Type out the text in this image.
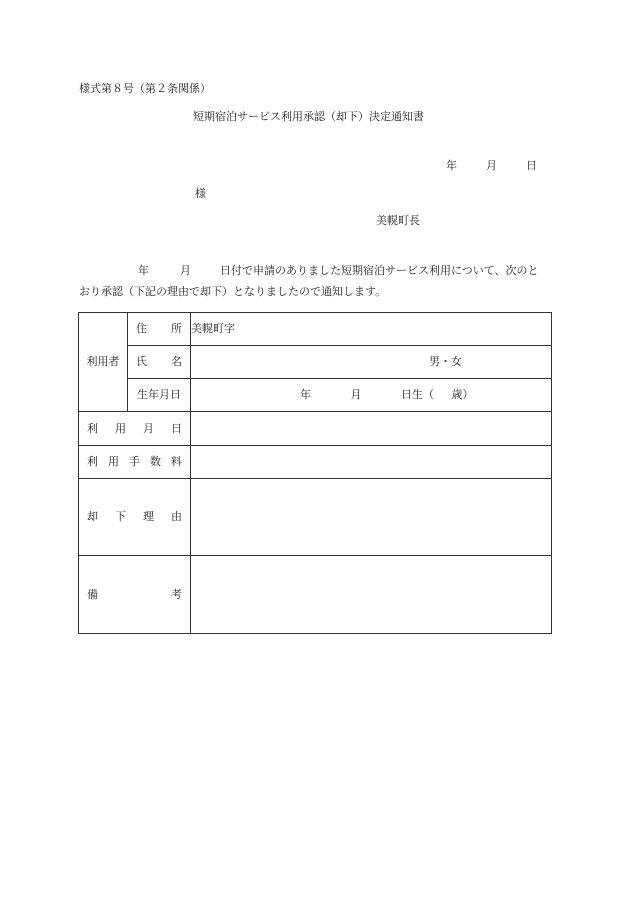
様式第８号（第２条関係）
短期宿泊サービス利用承認（却下）決定通知書
年	月	日
様
美幌町長
年	月	日付で申請のありました短期宿泊サービス利用について、次のと
おり承認（下記の理由で却下）となりましたので通知します。
利用者	住 所	美幌町字

	氏 名	男・女

	生年月日	年 月 日生（ 歳）

利 用 月 日		

利 用 手 数 料		

却 下 理 由		

備 考		
